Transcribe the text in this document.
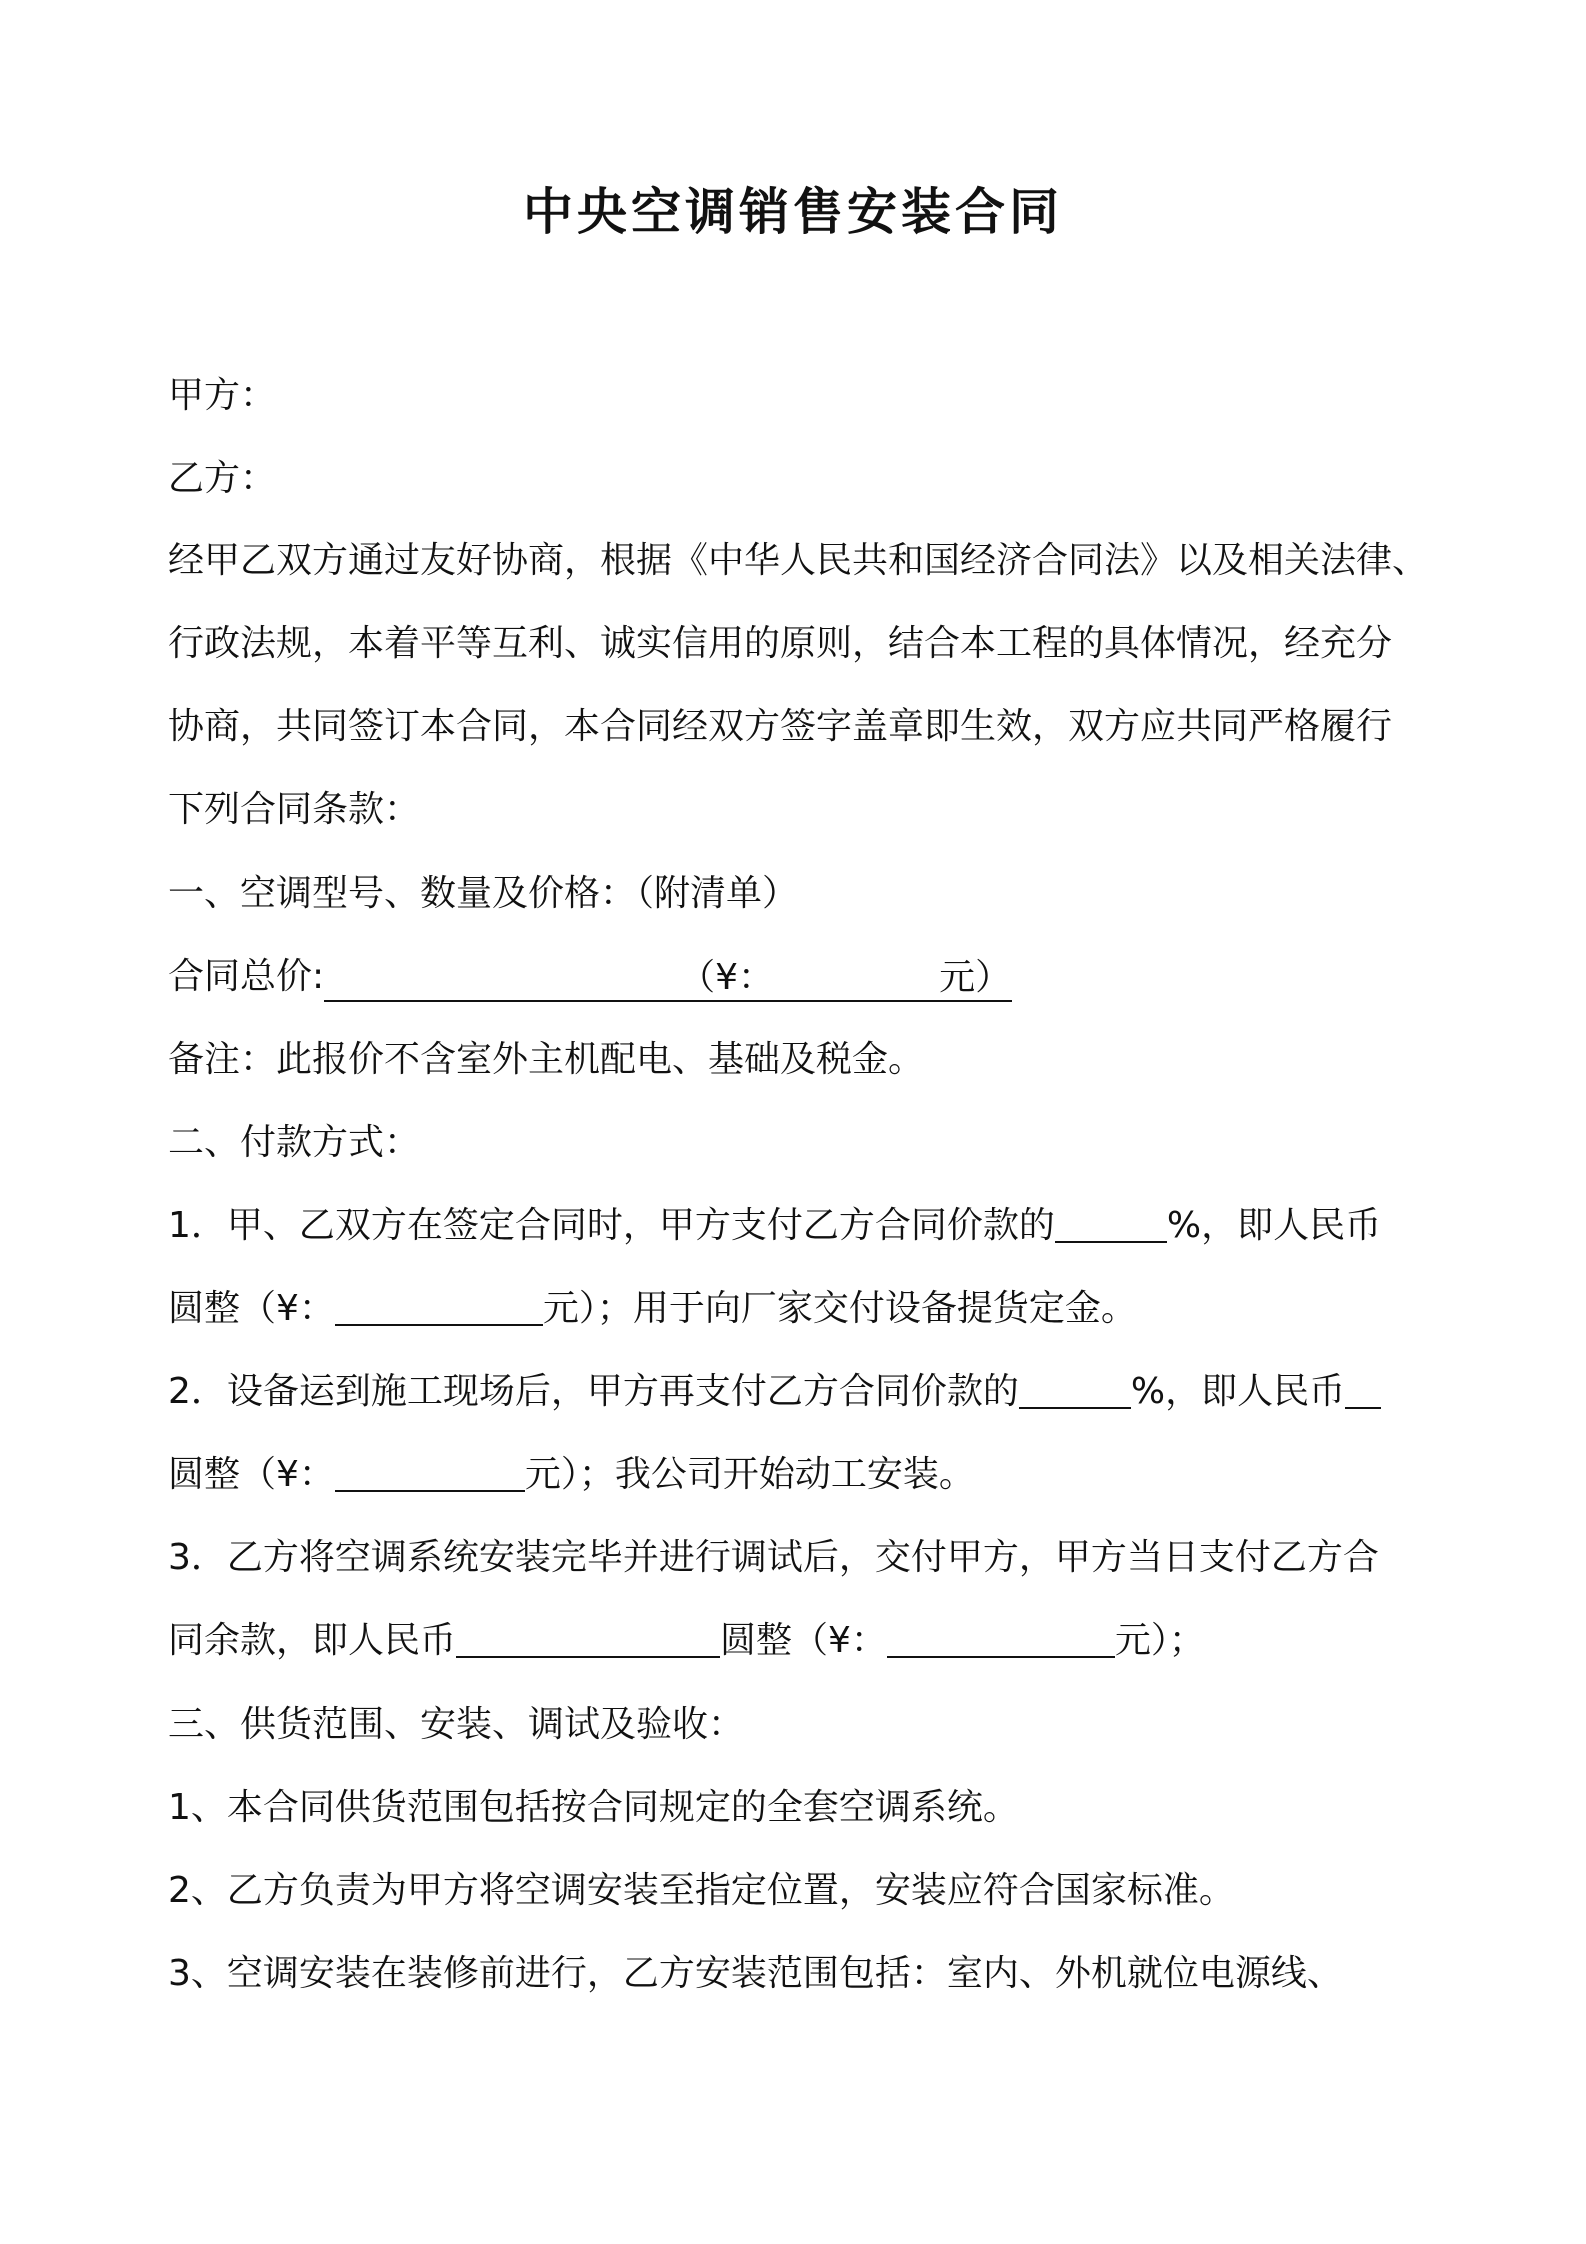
中央空调销售安装合同
甲方：
乙方：
经甲乙双方通过友好协商，根据《中华人民共和国经济合同法》以及相关法律、
行政法规，本着平等互利、诚实信用的原则，结合本工程的具体情况，经充分
协商，共同签订本合同，本合同经双方签字盖章即生效，双方应共同严格履行
下列合同条款：
一、空调型号、数量及价格：（附清单）
合同总价:	（¥：	元）
备注：此报价不含室外主机配电、基础及税金。
二、付款方式：
1．甲、乙双方在签定合同时，甲方支付乙方合同价款的	%，即人民币
圆整（¥：	元）；用于向厂家交付设备提货定金。
2．设备运到施工现场后，甲方再支付乙方合同价款的	%，即人民币
圆整（¥：	元）；我公司开始动工安装。
3．乙方将空调系统安装完毕并进行调试后，交付甲方，甲方当日支付乙方合
同余款，即人民币	圆整（¥：	元）；
三、供货范围、安装、调试及验收：
1、本合同供货范围包括按合同规定的全套空调系统。
2、乙方负责为甲方将空调安装至指定位置，安装应符合国家标准。
3、空调安装在装修前进行，乙方安装范围包括：室内、外机就位电源线、
